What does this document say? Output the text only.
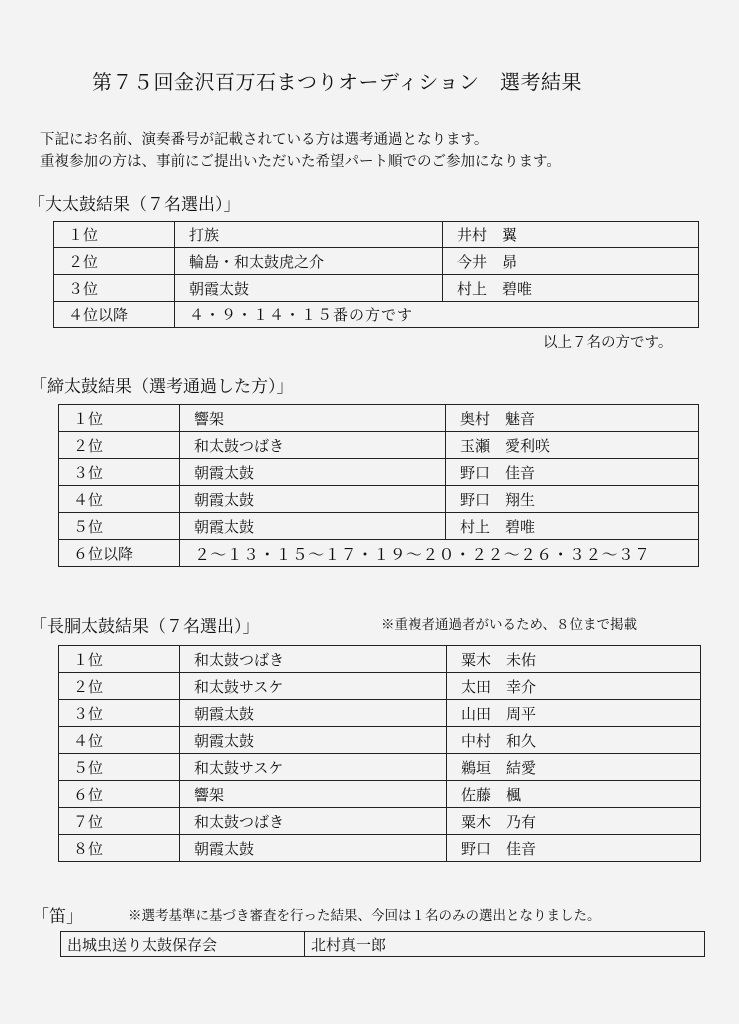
第７５回金沢百万石まつりオーディション　選考結果
下記にお名前、演奏番号が記載されている方は選考通過となります。
重複参加の方は、事前にご提出いただいた希望パート順でのご参加になります。
「大太鼓結果（７名選出）」
１位	打族	井村　翼
２位	輪島・和太鼓虎之介	今井　昴
３位	朝霞太鼓	村上　碧唯
４位以降	４・９・１４・１５番の方です	
以上７名の方です。
「締太鼓結果（選考通過した方）」
１位	響架	奥村　魅音
２位	和太鼓つばき	玉瀬　愛利咲
３位	朝霞太鼓	野口　佳音
４位	朝霞太鼓	野口　翔生
５位	朝霞太鼓	村上　碧唯
６位以降	２～１３・１５～１７・１９～２０・２２～２６・３２～３７	
「長胴太鼓結果（７名選出）」	※重複者通過者がいるため、８位まで掲載
１位	和太鼓つばき	粟木　未佑
２位	和太鼓サスケ	太田　幸介
３位	朝霞太鼓	山田　周平
４位	朝霞太鼓	中村　和久
５位	和太鼓サスケ	鵜垣　結愛
６位	響架	佐藤　楓
７位	和太鼓つばき	粟木　乃有
８位	朝霞太鼓	野口　佳音
「笛」	※選考基準に基づき審査を行った結果、今回は１名のみの選出となりました。
出城虫送り太鼓保存会	北村真一郎
